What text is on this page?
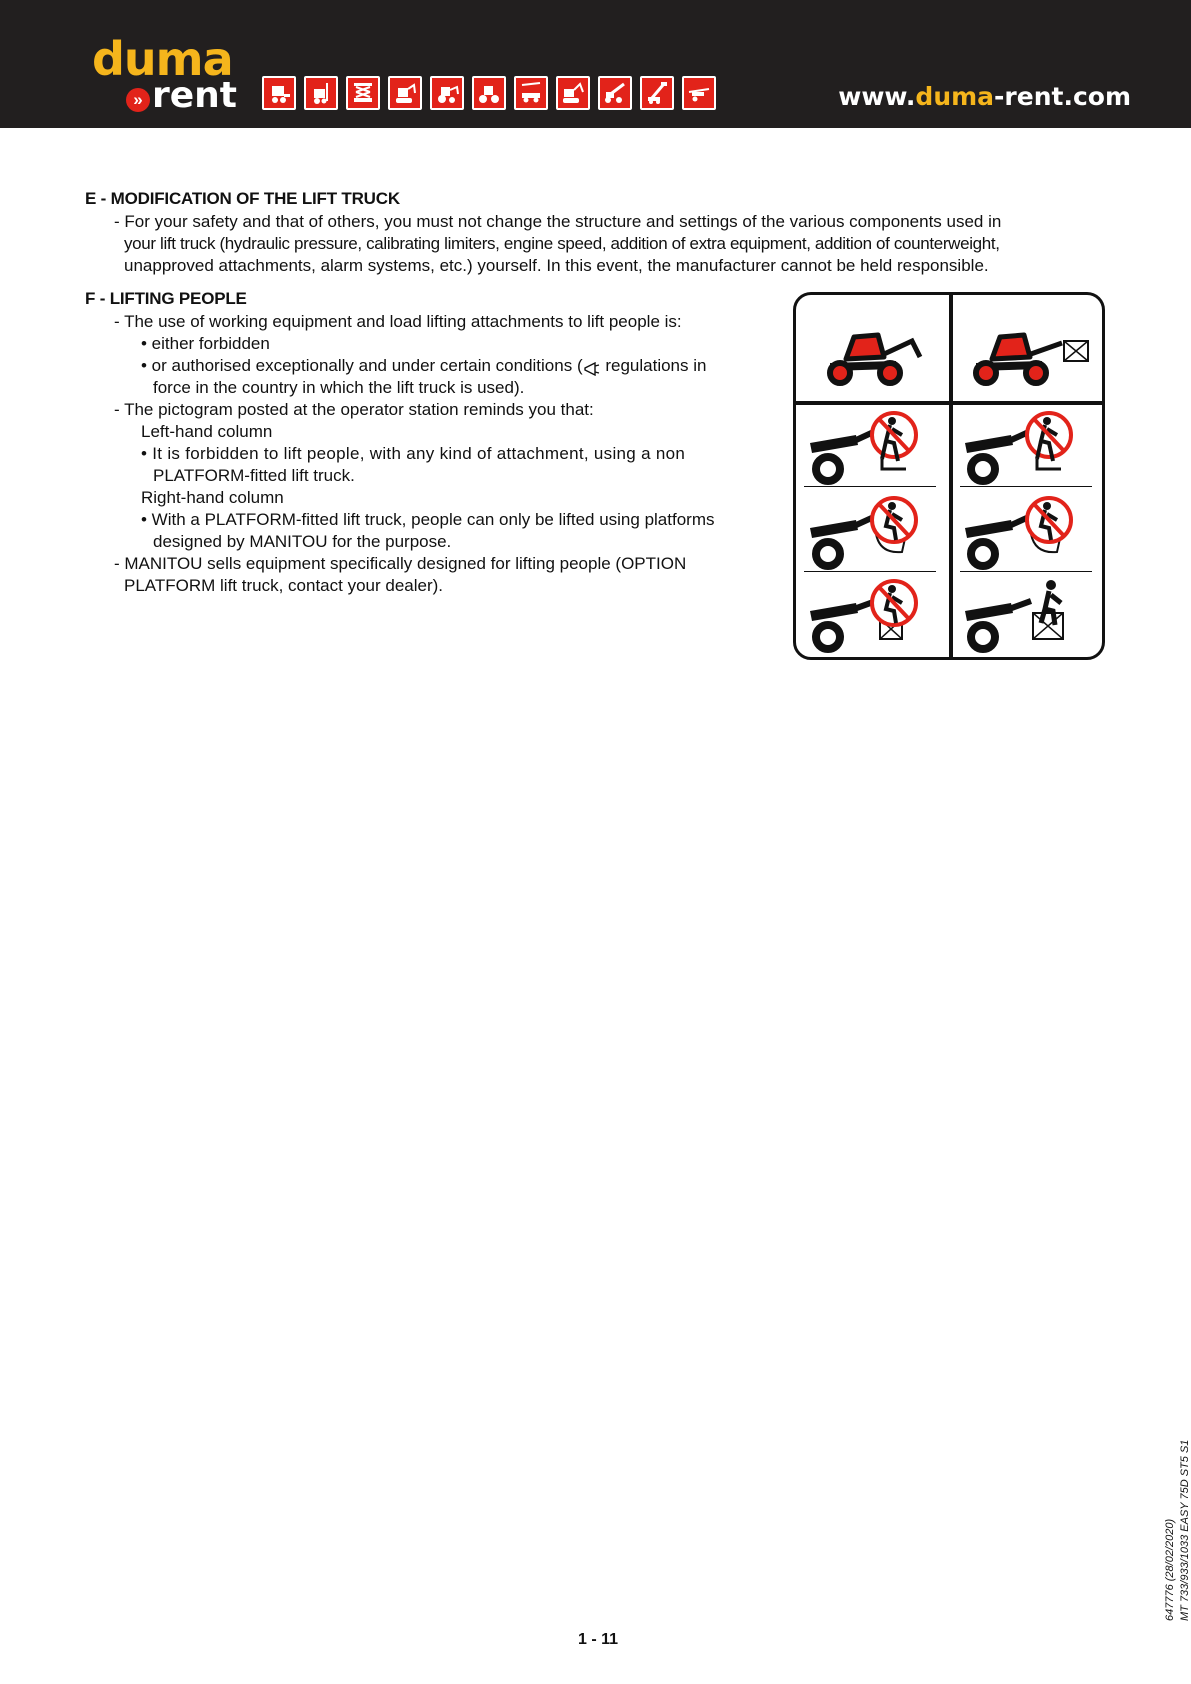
duma
» rent	www.duma-rent.com
E - MODIFICATION OF THE LIFT TRUCK
- For your safety and that of others, you must not change the structure and settings of the various components used in
your lift truck (hydraulic pressure, calibrating limiters, engine speed, addition of extra equipment, addition of counterweight,
unapproved attachments, alarm systems, etc.) yourself. In this event, the manufacturer cannot be held responsible.
F - LIFTING PEOPLE
- The use of working equipment and load lifting attachments to lift people is:
• either forbidden
• or authorised exceptionally and under certain conditions ( regulations in
force in the country in which the lift truck is used).
- The pictogram posted at the operator station reminds you that:
Left-hand column
• It is forbidden to lift people, with any kind of attachment, using a non
PLATFORM-fitted lift truck.
Right-hand column
• With a PLATFORM-fitted lift truck, people can only be lifted using platforms
designed by MANITOU for the purpose.
- MANITOU sells equipment specifically designed for lifting people (OPTION
PLATFORM lift truck, contact your dealer).
1 - 11
647776 (28/02/2020) MT 733/933/1033 EASY 75D ST5 S1
